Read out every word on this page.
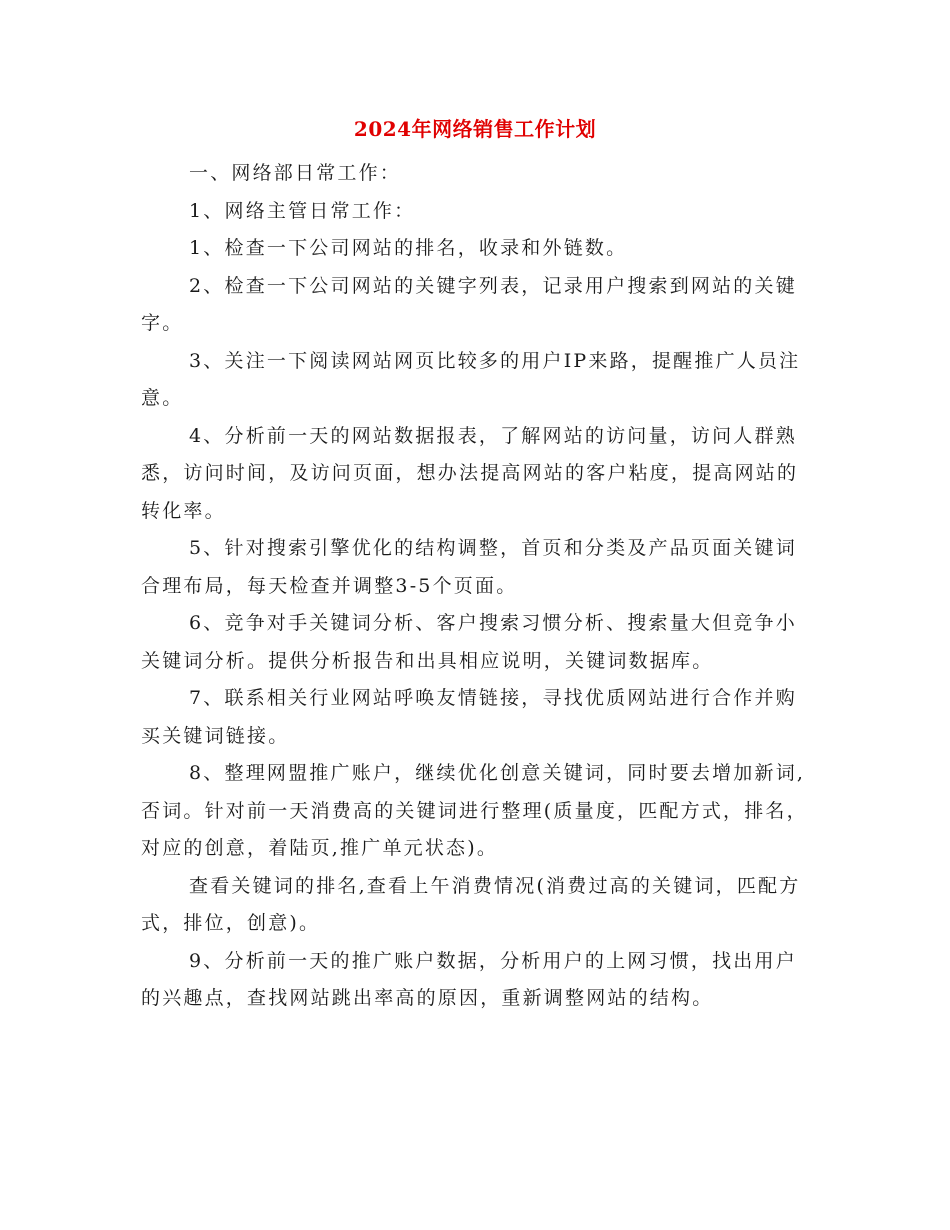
2024年网络销售工作计划

一、网络部日常工作：

1、网络主管日常工作：

1、检查一下公司网站的排名，收录和外链数。

2、检查一下公司网站的关键字列表，记录用户搜索到网站的关键字。

3、关注一下阅读网站网页比较多的用户IP来路，提醒推广人员注意。

4、分析前一天的网站数据报表，了解网站的访问量，访问人群熟悉，访问时间，及访问页面，想办法提高网站的客户粘度，提高网站的转化率。

5、针对搜索引擎优化的结构调整，首页和分类及产品页面关键词合理布局，每天检查并调整3-5个页面。

6、竞争对手关键词分析、客户搜索习惯分析、搜索量大但竞争小关键词分析。提供分析报告和出具相应说明，关键词数据库。

7、联系相关行业网站呼唤友情链接，寻找优质网站进行合作并购买关键词链接。

8、整理网盟推广账户，继续优化创意关键词，同时要去增加新词,否词。针对前一天消费高的关键词进行整理(质量度，匹配方式，排名，对应的创意，着陆页,推广单元状态)。

查看关键词的排名,查看上午消费情况(消费过高的关键词，匹配方式，排位，创意)。

9、分析前一天的推广账户数据，分析用户的上网习惯，找出用户的兴趣点，查找网站跳出率高的原因，重新调整网站的结构。
